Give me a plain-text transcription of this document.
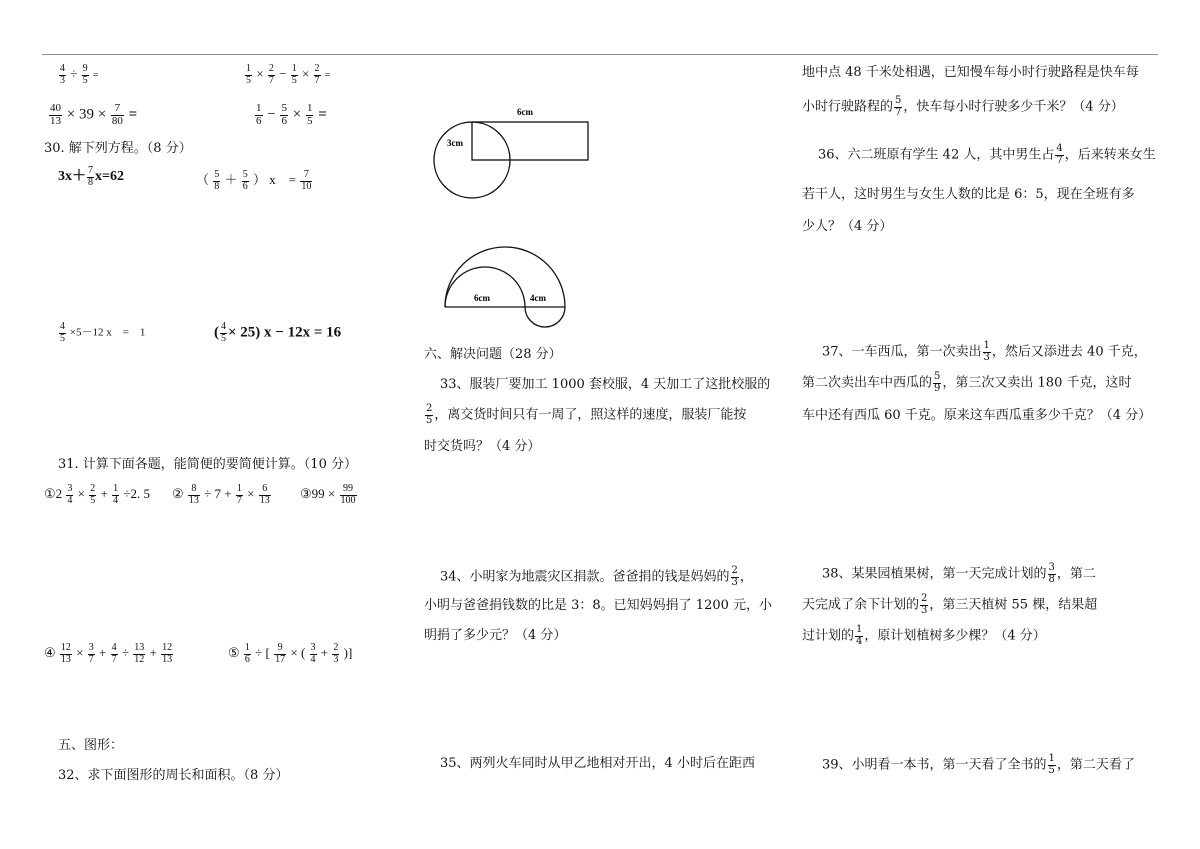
$\frac{4}{3} \div \frac{9}{5}$ =	$\frac{1}{5} \times \frac{2}{7} - \frac{1}{5} \times \frac{2}{7}$ =
$\frac{40}{13} \times 39 \times \frac{7}{80}$ =	$\frac{1}{6} - \frac{5}{6} \times \frac{1}{5}$ =
30. 解下列方程。（8 分）
$3x+ \frac{7}{8} x=62$	（ $\frac{5}{8} + \frac{5}{6}$ ） x　= $\frac{7}{10}$
$\frac{4}{5} \times 5-12$ x　=　1	( $\frac{4}{5} \times 25$) x − 12x = 16
31. 计算下面各题，能简便的要简便计算。（10 分）
①2 $\frac{3}{4} \times \frac{2}{5} + \frac{1}{4} \div 2$. 5 ② $\frac{8}{13} \div 7 + \frac{1}{7} \times \frac{6}{13}$ ③99 × $\frac{99}{100}$
④ $\frac{12}{13} \times \frac{3}{7} + \frac{4}{7} \div \frac{13}{12} + \frac{12}{13}$	⑤ $\frac{1}{6}$ ÷ [ $\frac{9}{17}$ × ( $\frac{3}{4} + \frac{2}{3}$ )]
五、图形：
32、求下面图形的周长和面积。（8 分）
6cm
3cm
6cm	4cm
六、解决问题（28 分）
33、服装厂要加工 1000 套校服，4 天加工了这批校服的
$\frac{2}{5}$ ，离交货时间只有一周了，照这样的速度，服装厂能按
时交货吗？（4 分）
34、小明家为地震灾区捐款。爸爸捐的钱是妈妈的 $\frac{2}{3}$ ，
小明与爸爸捐钱数的比是 3：8。已知妈妈捐了 1200 元，小
明捐了多少元？（4 分）
35、两列火车同时从甲乙地相对开出，4 小时后在距西
地中点 48 千米处相遇，已知慢车每小时行驶路程是快车每
小时行驶路程的 $\frac{5}{7}$ ，快车每小时行驶多少千米？（4 分）
36、六二班原有学生 42 人，其中男生占 $\frac{4}{7}$ ，后来转来女生
若干人，这时男生与女生人数的比是 6：5，现在全班有多
少人？（4 分）
37、一车西瓜，第一次卖出 $\frac{1}{3}$ ，然后又添进去 40 千克，
第二次卖出车中西瓜的 $\frac{5}{9}$ ，第三次又卖出 180 千克，这时
车中还有西瓜 60 千克。原来这车西瓜重多少千克？（4 分）
38、某果园植果树，第一天完成计划的 $\frac{3}{8}$ ，第二
天完成了余下计划的 $\frac{2}{3}$ ，第三天植树 55 棵，结果超
过计划的 $\frac{1}{4}$ ，原计划植树多少棵？（4 分）
39、小明看一本书，第一天看了全书的 $\frac{1}{5}$ ，第二天看了
